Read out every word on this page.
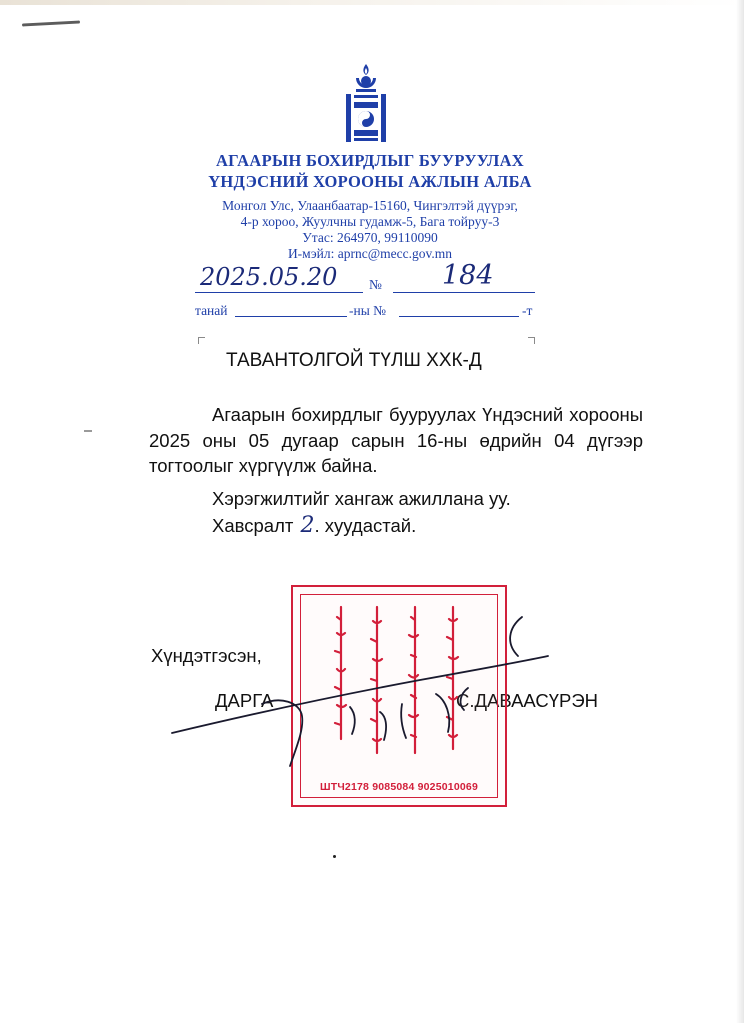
АГААРЫН БОХИРДЛЫГ БУУРУУЛАХ
ҮНДЭСНИЙ ХОРООНЫ АЖЛЫН АЛБА
Монгол Улс, Улаанбаатар-15160, Чингэлтэй дүүрэг,
4-р хороо, Жуулчны гудамж-5, Бага тойруу-3
Утас: 264970, 99110090
И-мэйл: aprnc@mecc.gov.mn
2025.05.20 № 184
танай	-ны №	-т
ТАВАНТОЛГОЙ ТҮЛШ ХХК-Д
Агаарын бохирдлыг бууруулах Үндэсний хорооны 2025 оны 05 дугаар сарын 16-ны өдрийн 04 дүгээр тогтоолыг хүргүүлж байна.
Хэрэгжилтийг хангаж ажиллана уу.
Хавсралт 2. хуудастай.
Хүндэтгэсэн,
ДАРГА	С.ДАВААСҮРЭН
ШТЧ2178 9085084 9025010069
